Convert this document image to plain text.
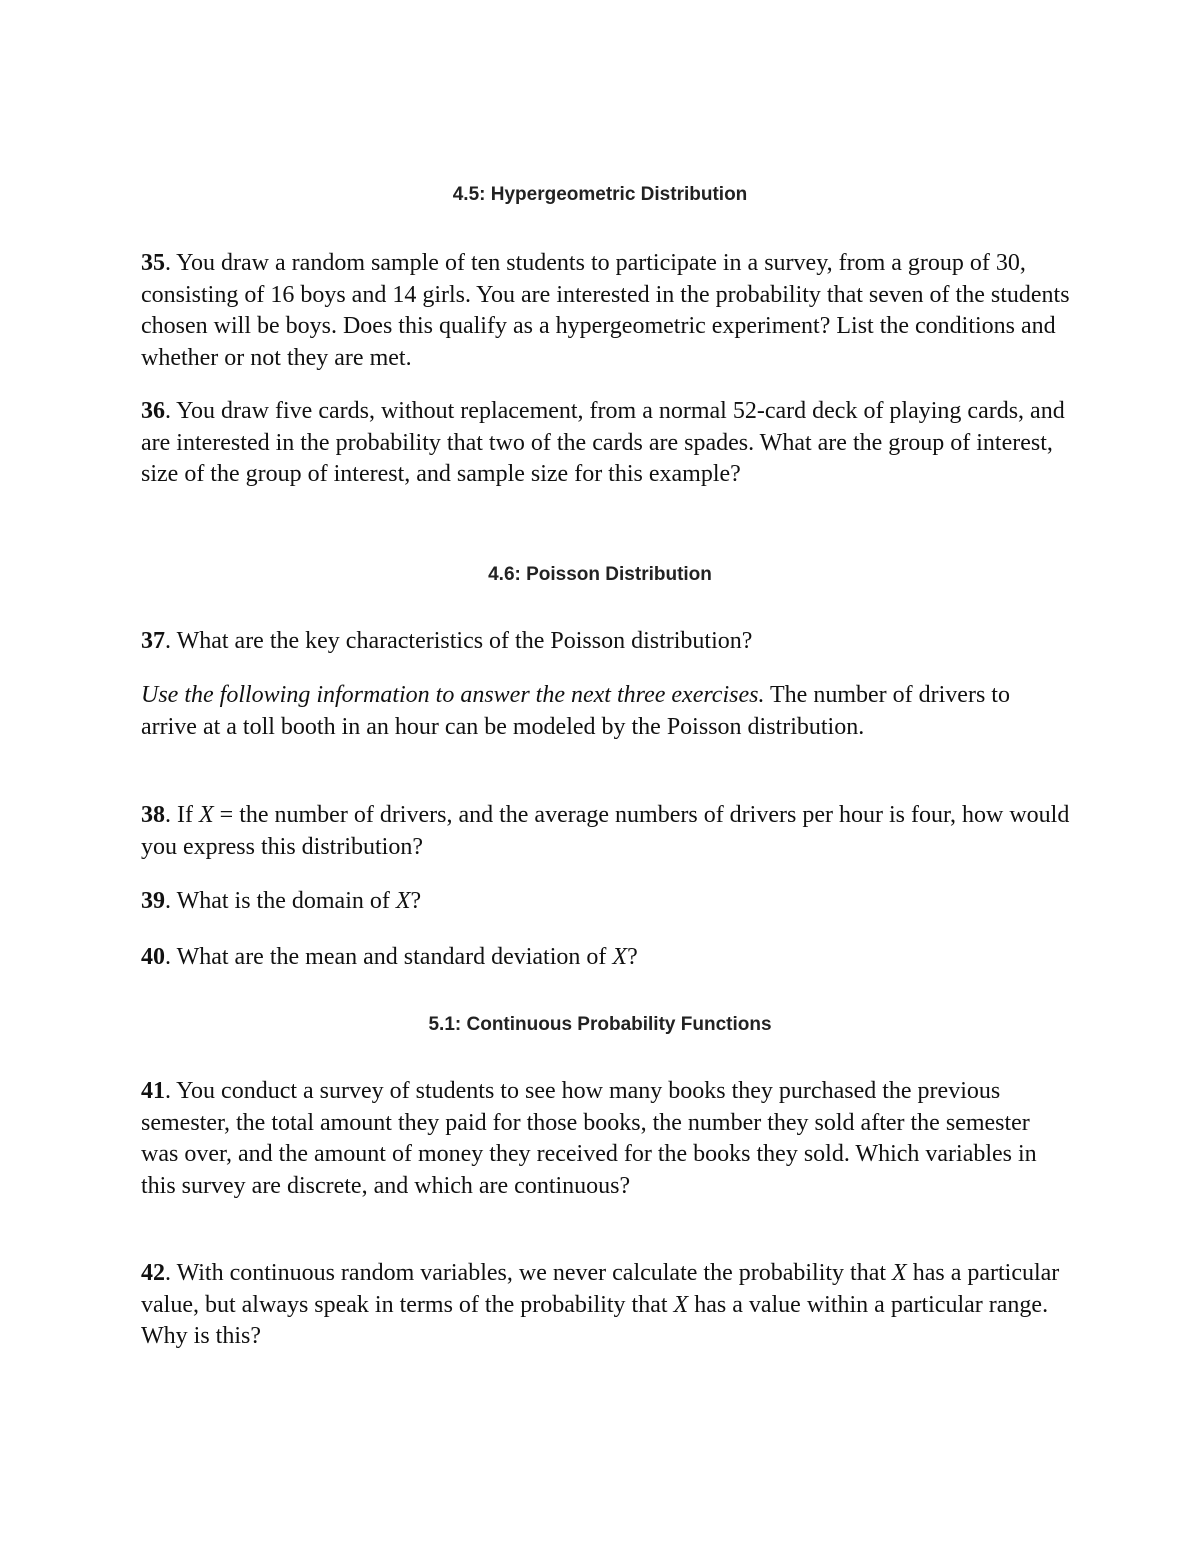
4.5: Hypergeometric Distribution

35. You draw a random sample of ten students to participate in a survey, from a group of 30, consisting of 16 boys and 14 girls. You are interested in the probability that seven of the students chosen will be boys. Does this qualify as a hypergeometric experiment? List the conditions and whether or not they are met.

36. You draw five cards, without replacement, from a normal 52-card deck of playing cards, and are interested in the probability that two of the cards are spades. What are the group of interest, size of the group of interest, and sample size for this example?

4.6: Poisson Distribution

37. What are the key characteristics of the Poisson distribution?

Use the following information to answer the next three exercises. The number of drivers to arrive at a toll booth in an hour can be modeled by the Poisson distribution.

38. If X = the number of drivers, and the average numbers of drivers per hour is four, how would you express this distribution?

39. What is the domain of X?

40. What are the mean and standard deviation of X?

5.1: Continuous Probability Functions

41. You conduct a survey of students to see how many books they purchased the previous semester, the total amount they paid for those books, the number they sold after the semester was over, and the amount of money they received for the books they sold. Which variables in this survey are discrete, and which are continuous?

42. With continuous random variables, we never calculate the probability that X has a particular value, but always speak in terms of the probability that X has a value within a particular range. Why is this?
